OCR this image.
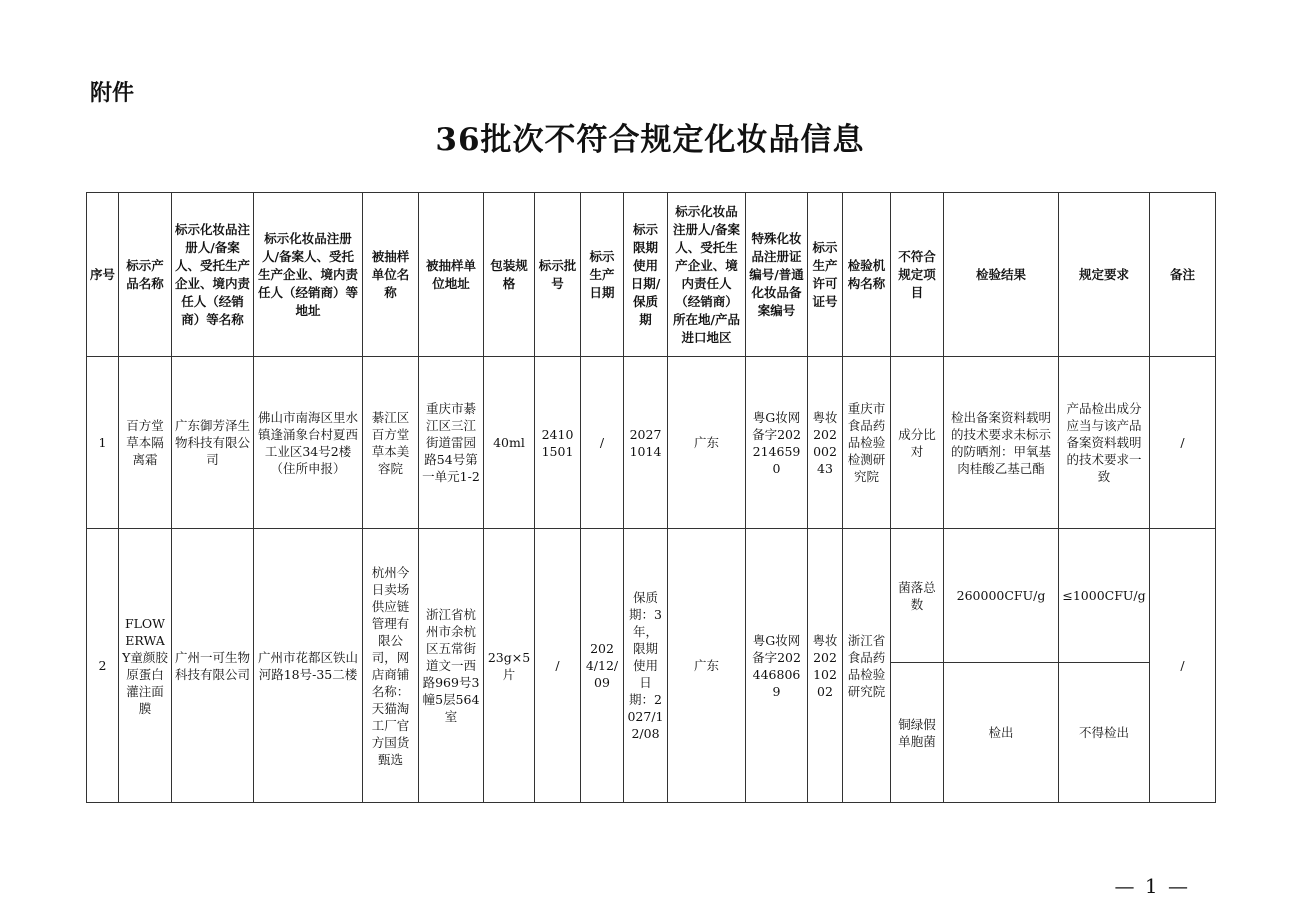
附件
36批次不符合规定化妆品信息
序号	标示产品名称	标示化妆品注册人/备案人、受托生产企业、境内责任人（经销商）等名称	标示化妆品注册人/备案人、受托生产企业、境内责任人（经销商）等地址	被抽样单位名称	被抽样单位地址	包装规格	标示批号	标示生产日期	标示限期使用日期/保质期	标示化妆品注册人/备案人、受托生产企业、境内责任人（经销商）所在地/产品进口地区	特殊化妆品注册证编号/普通化妆品备案编号	标示生产许可证号	检验机构名称	不符合规定项目	检验结果	规定要求	备注
1	百方堂草本隔离霜	广东御芳泽生物科技有限公司	佛山市南海区里水镇逢涌象台村夏西工业区34号2楼（住所申报）	綦江区百方堂草本美容院	重庆市綦江区三江街道雷园路54号第一单元1-2	40ml	24101501	/	20271014	广东	粤G妆网备字2022146590	粤妆20200243	重庆市食品药品检验检测研究院	成分比对	检出备案资料载明的技术要求未标示的防晒剂：甲氧基肉桂酸乙基己酯	产品检出成分应当与该产品备案资料载明的技术要求一致	/
2	FLOWERWAY童颜胶原蛋白灌注面膜	广州一可生物科技有限公司	广州市花都区铁山河路18号-35二楼	杭州今日卖场供应链管理有限公司，网店商铺名称：天猫淘工厂官方国货甄选	浙江省杭州市余杭区五常街道文一西路969号3幢5层564室	23g×5片	/	2024/12/09	保质期：3年，限期使用日期：2027/12/08	广东	粤G妆网备字2024468069	粤妆20210202	浙江省食品药品检验研究院	菌落总数	260000CFU/g	≤1000CFU/g	/
														铜绿假单胞菌	检出	不得检出	
— 1 —
